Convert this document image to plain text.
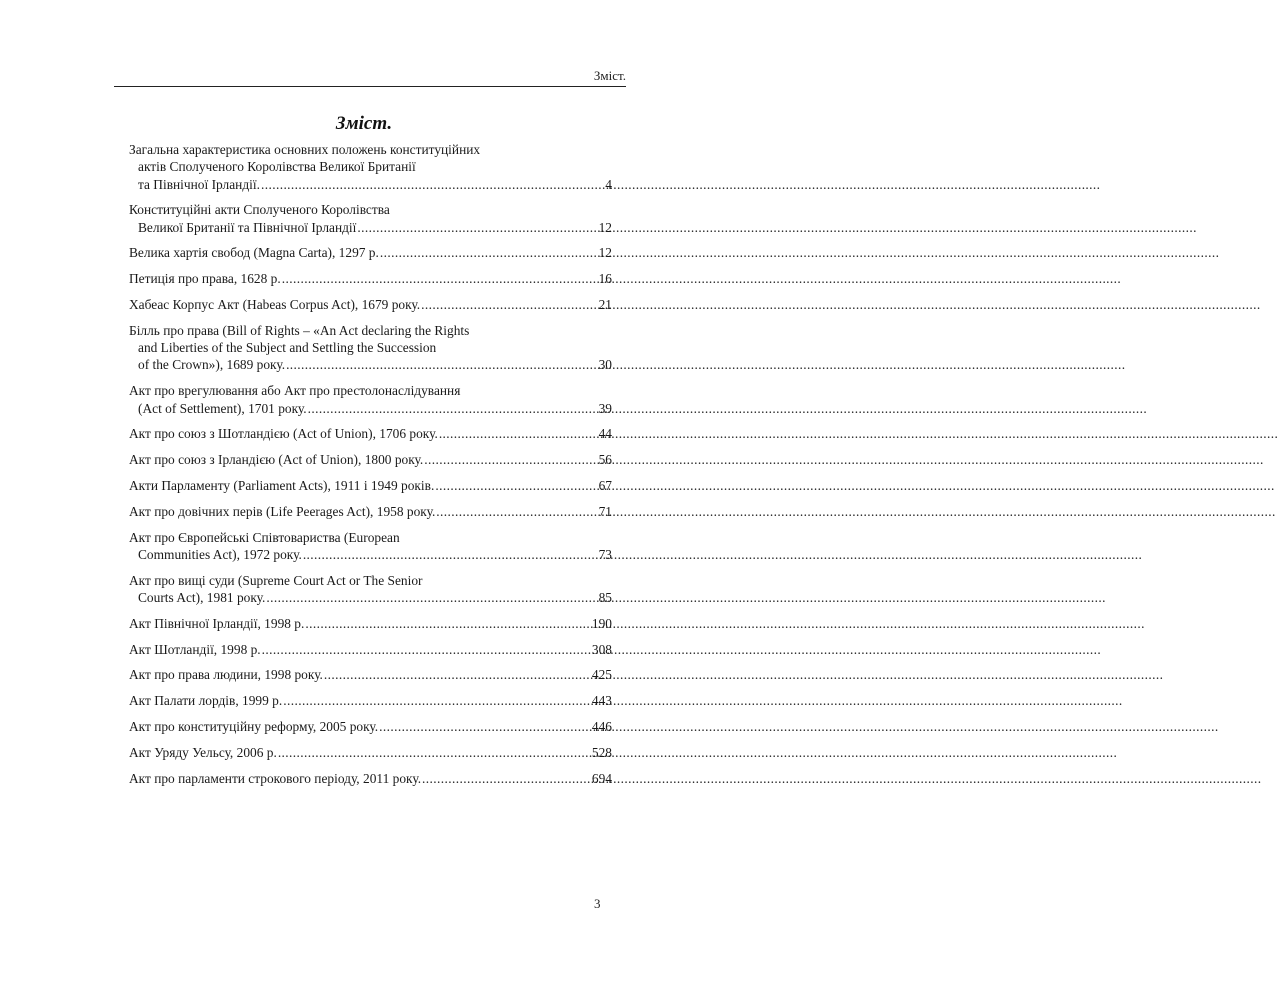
Зміст.
Зміст.
Загальна характеристика основних положень конституційних
актів Сполученого Королівства Великої Британії
та Північної Ірландії. .....	4
Конституційні акти Сполученого Королівства
Великої Британії та Північної Ірландії .....	12
Велика хартія свобод (Magna Carta), 1297 р. .....	12
Петиція про права, 1628 р. .....	16
Хабеас Корпус Акт (Habeas Corpus Act), 1679 року. .....	21
Білль про права (Bill of Rights – «An Act declaring the Rights
and Liberties of the Subject and Settling the Succession
of the Crown»), 1689 року. .....	30
Акт про врегулювання або Акт про престолонаслідування
(Act of Settlement), 1701 року. .....	39
Акт про союз з Шотландією (Act of Union), 1706 року. .....	44
Акт про союз з Ірландією (Act of Union), 1800 року. .....	56
Акти Парламенту (Parliament Acts), 1911 і 1949 років. .....	67
Акт про довічних перів (Life Peerages Act), 1958 року. .....	71
Акт про Європейські Співтовариства (European
Communities Act), 1972 року. .....	73
Акт про вищі суди (Supreme Court Act or The Senior
Courts Act), 1981 року. .....	85
Акт Північної Ірландії, 1998 р. .....	190
Акт Шотландії, 1998 р. .....	308
Акт про права людини, 1998 року. .....	425
Акт Палати лордів, 1999 р. .....	443
Акт про конституційну реформу, 2005 року. .....	446
Акт Уряду Уельсу, 2006 р. .....	528
Акт про парламенти строкового періоду, 2011 року. .....	694
3
